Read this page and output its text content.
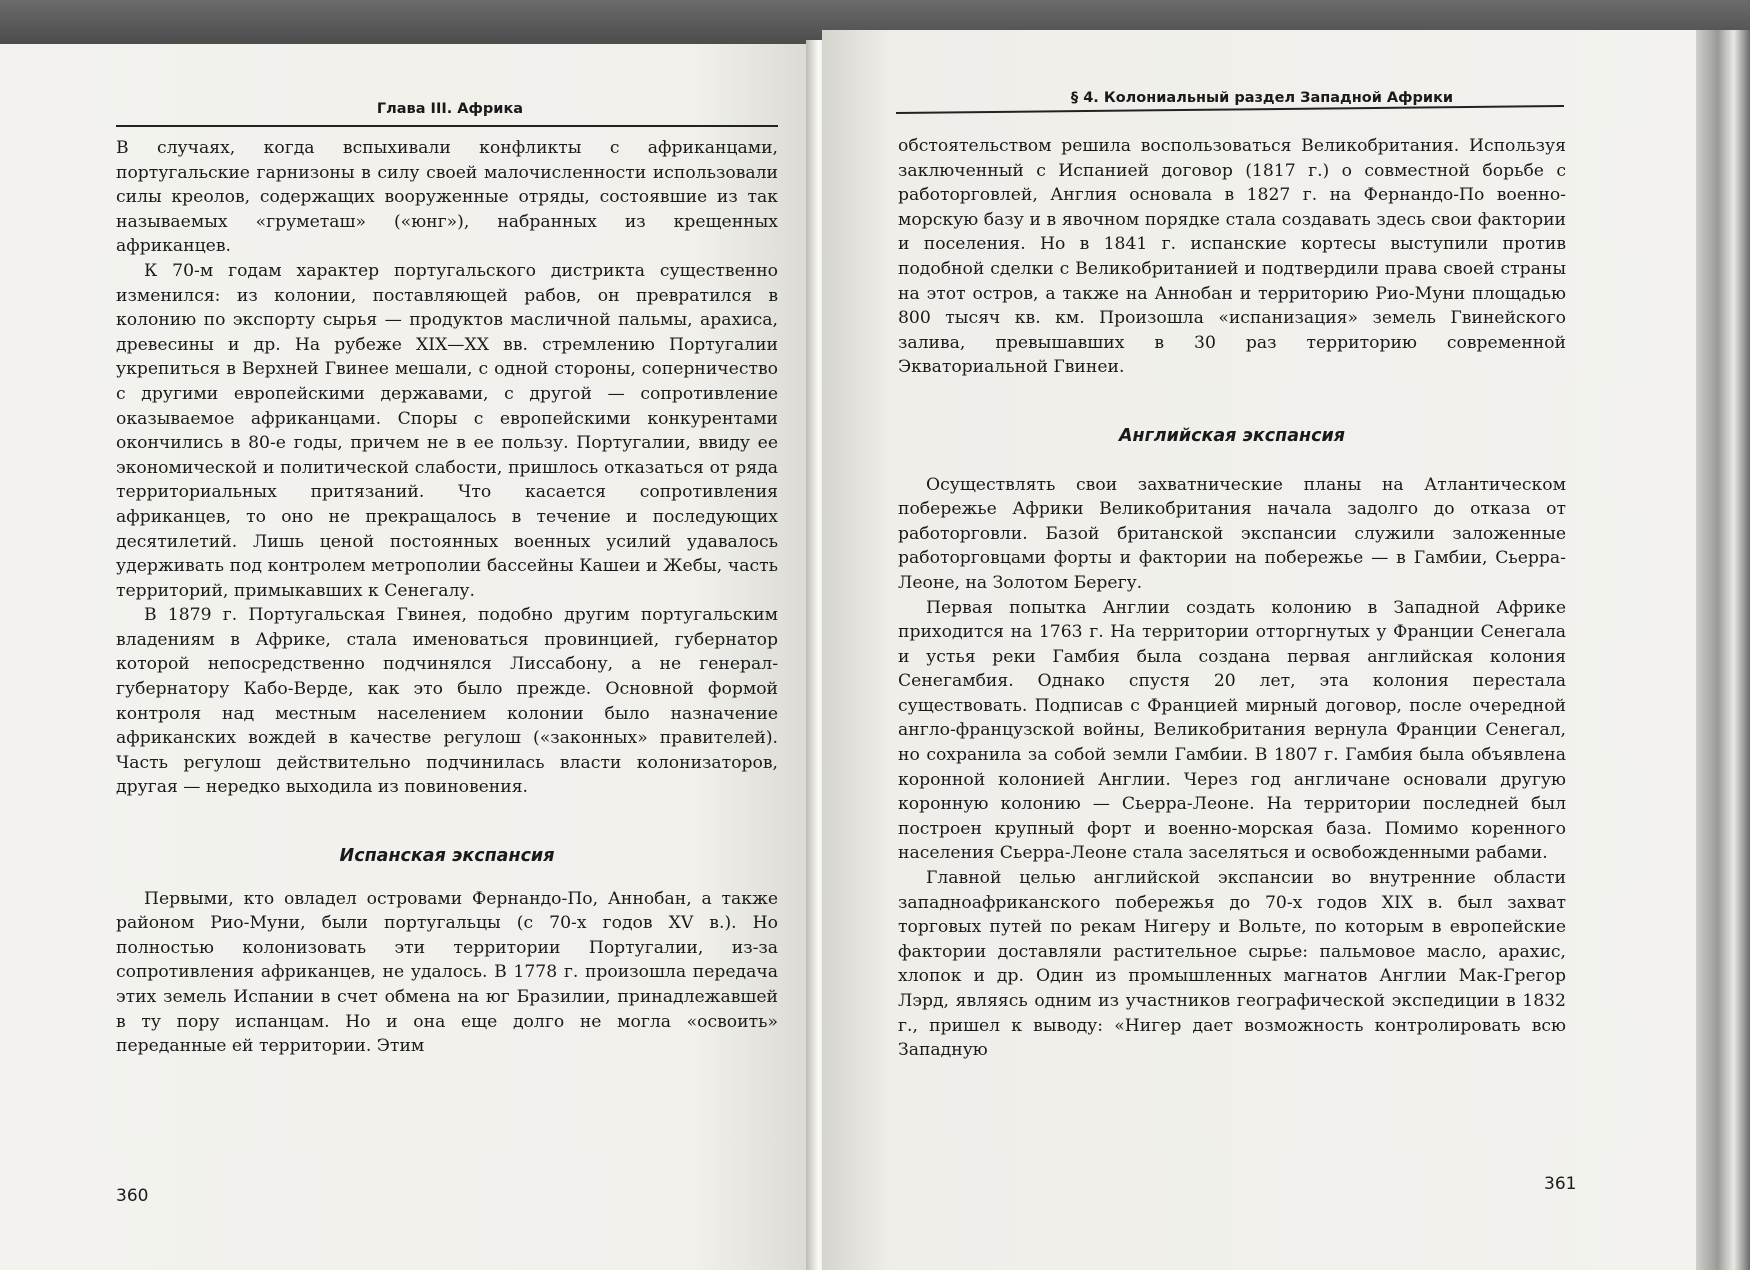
Глава III. Африка

В случаях, когда вспыхивали конфликты с африканцами, португальские гарнизоны в силу своей малочисленности использовали силы креолов, содержащих вооруженные отряды, состоявшие из так называемых «груметаш» («юнг»), набранных из крещенных африканцев.

К 70-м годам характер португальского дистрикта существенно изменился: из колонии, поставляющей рабов, он превратился в колонию по экспорту сырья — продуктов масличной пальмы, арахиса, древесины и др. На рубеже XIX—XX вв. стремлению Португалии укрепиться в Верхней Гвинее мешали, с одной стороны, соперничество с другими европейскими державами, с другой — сопротивление оказываемое африканцами. Споры с европейскими конкурентами окончились в 80-е годы, причем не в ее пользу. Португалии, ввиду ее экономической и политической слабости, пришлось отказаться от ряда территориальных притязаний. Что касается сопротивления африканцев, то оно не прекращалось в течение и последующих десятилетий. Лишь ценой постоянных военных усилий удавалось удерживать под контролем метрополии бассейны Кашеи и Жебы, часть территорий, примыкавших к Сенегалу.

В 1879 г. Португальская Гвинея, подобно другим португальским владениям в Африке, стала именоваться провинцией, губернатор которой непосредственно подчинялся Лиссабону, а не генерал-губернатору Кабо-Верде, как это было прежде. Основной формой контроля над местным населением колонии было назначение африканских вождей в качестве регулош («законных» правителей). Часть регулош действительно подчинилась власти колонизаторов, другая — нередко выходила из повиновения.

Испанская экспансия

Первыми, кто овладел островами Фернандо-По, Аннобан, а также районом Рио-Муни, были португальцы (с 70-х годов XV в.). Но полностью колонизовать эти территории Португалии, из-за сопротивления африканцев, не удалось. В 1778 г. произошла передача этих земель Испании в счет обмена на юг Бразилии, принадлежавшей в ту пору испанцам. Но и она еще долго не могла «освоить» переданные ей территории. Этим

360
§ 4. Колониальный раздел Западной Африки

обстоятельством решила воспользоваться Великобритания. Используя заключенный с Испанией договор (1817 г.) о совместной борьбе с работорговлей, Англия основала в 1827 г. на Фернандо-По военно-морскую базу и в явочном порядке стала создавать здесь свои фактории и поселения. Но в 1841 г. испанские кортесы выступили против подобной сделки с Великобританией и подтвердили права своей страны на этот остров, а также на Аннобан и территорию Рио-Муни площадью 800 тысяч кв. км. Произошла «испанизация» земель Гвинейского залива, превышавших в 30 раз территорию современной Экваториальной Гвинеи.

Английская экспансия

Осуществлять свои захватнические планы на Атлантическом побережье Африки Великобритания начала задолго до отказа от работорговли. Базой британской экспансии служили заложенные работорговцами форты и фактории на побережье — в Гамбии, Сьерра-Леоне, на Золотом Берегу.

Первая попытка Англии создать колонию в Западной Африке приходится на 1763 г. На территории отторгнутых у Франции Сенегала и устья реки Гамбия была создана первая английская колония Сенегамбия. Однако спустя 20 лет, эта колония перестала существовать. Подписав с Францией мирный договор, после очередной англо-французской войны, Великобритания вернула Франции Сенегал, но сохранила за собой земли Гамбии. В 1807 г. Гамбия была объявлена коронной колонией Англии. Через год англичане основали другую коронную колонию — Сьерра-Леоне. На территории последней был построен крупный форт и военно-морская база. Помимо коренного населения Сьерра-Леоне стала заселяться и освобожденными рабами.

Главной целью английской экспансии во внутренние области западноафриканского побережья до 70-х годов XIX в. был захват торговых путей по рекам Нигеру и Вольте, по которым в европейские фактории доставляли растительное сырье: пальмовое масло, арахис, хлопок и др. Один из промышленных магнатов Англии Мак-Грегор Лэрд, являясь одним из участников географической экспедиции в 1832 г., пришел к выводу: «Нигер дает возможность контролировать всю Западную

361
